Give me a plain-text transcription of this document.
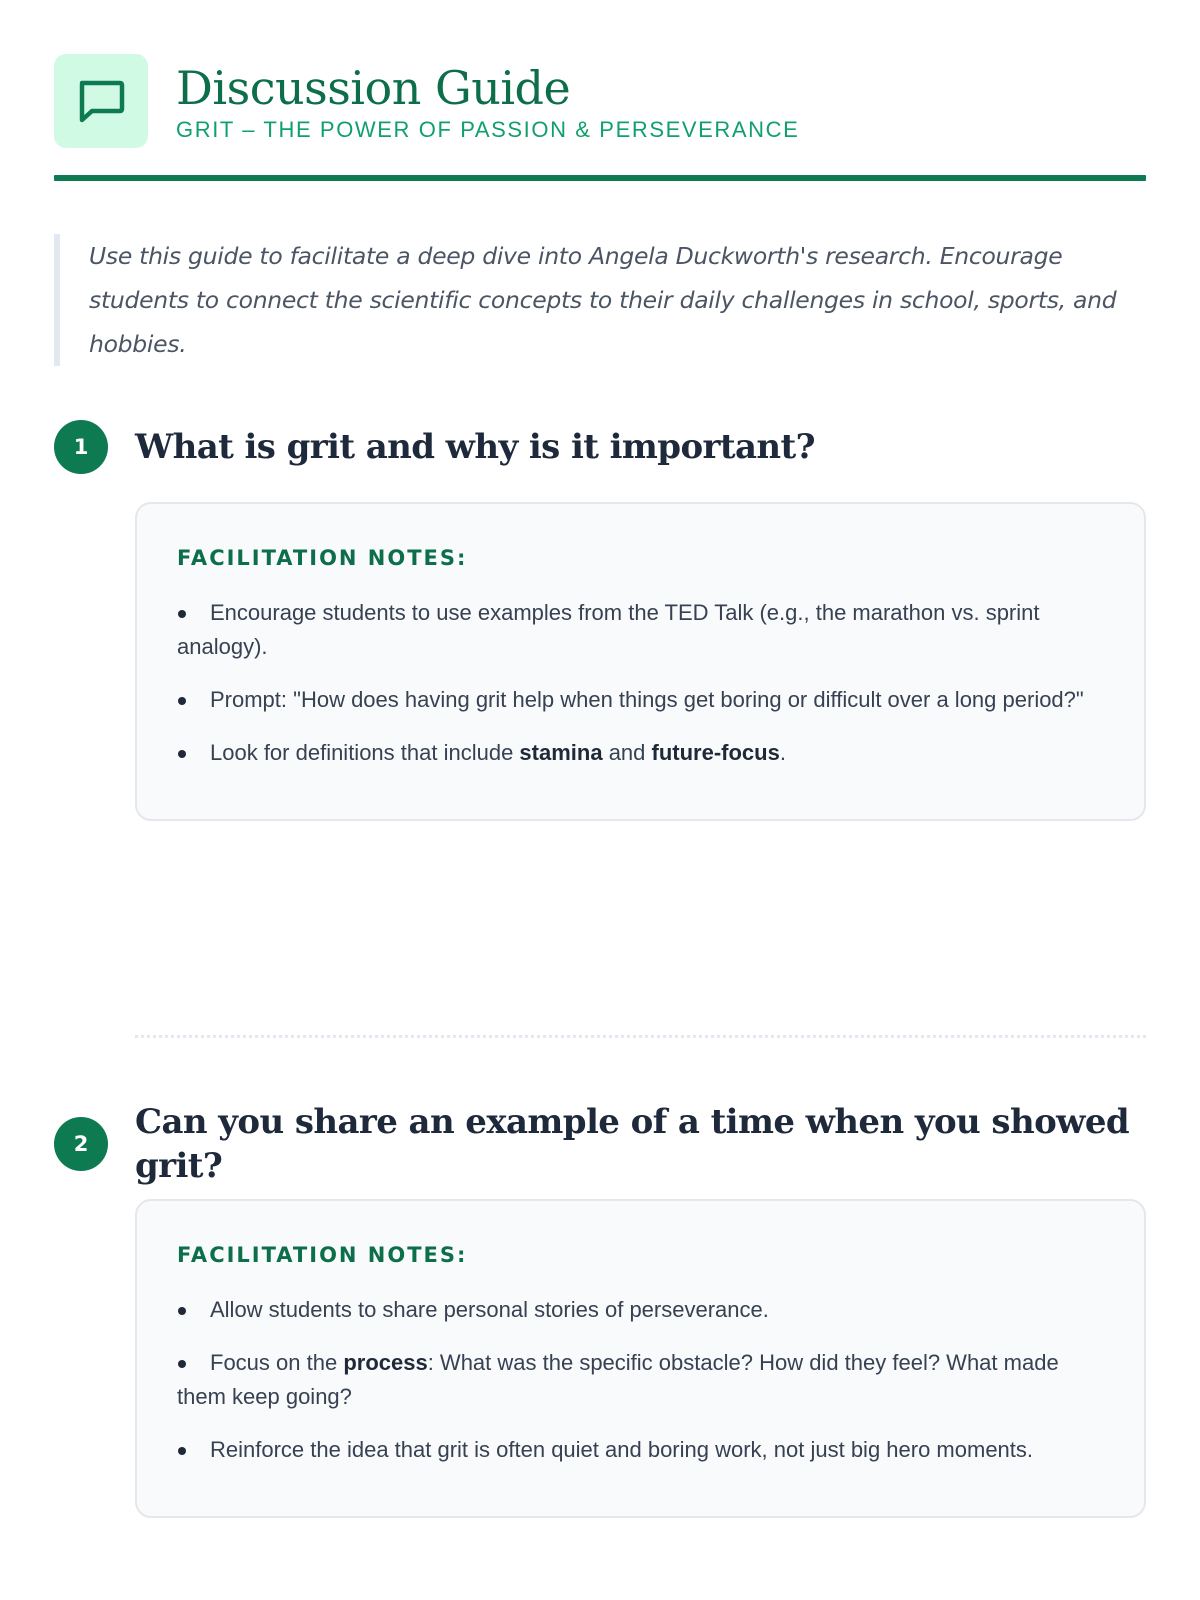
Discussion Guide
GRIT – THE POWER OF PASSION & PERSEVERANCE

Use this guide to facilitate a deep dive into Angela Duckworth's research. Encourage students to connect the scientific concepts to their daily challenges in school, sports, and hobbies.

1	What is grit and why is it important?
FACILITATION NOTES:
Encourage students to use examples from the TED Talk (e.g., the marathon vs. sprint analogy).
Prompt: "How does having grit help when things get boring or difficult over a long period?"
Look for definitions that include stamina and future-focus.
2
Can you share an example of a time when you showed grit?
FACILITATION NOTES:
Allow students to share personal stories of perseverance.
Focus on the process: What was the specific obstacle? How did they feel? What made them keep going?
Reinforce the idea that grit is often quiet and boring work, not just big hero moments.
